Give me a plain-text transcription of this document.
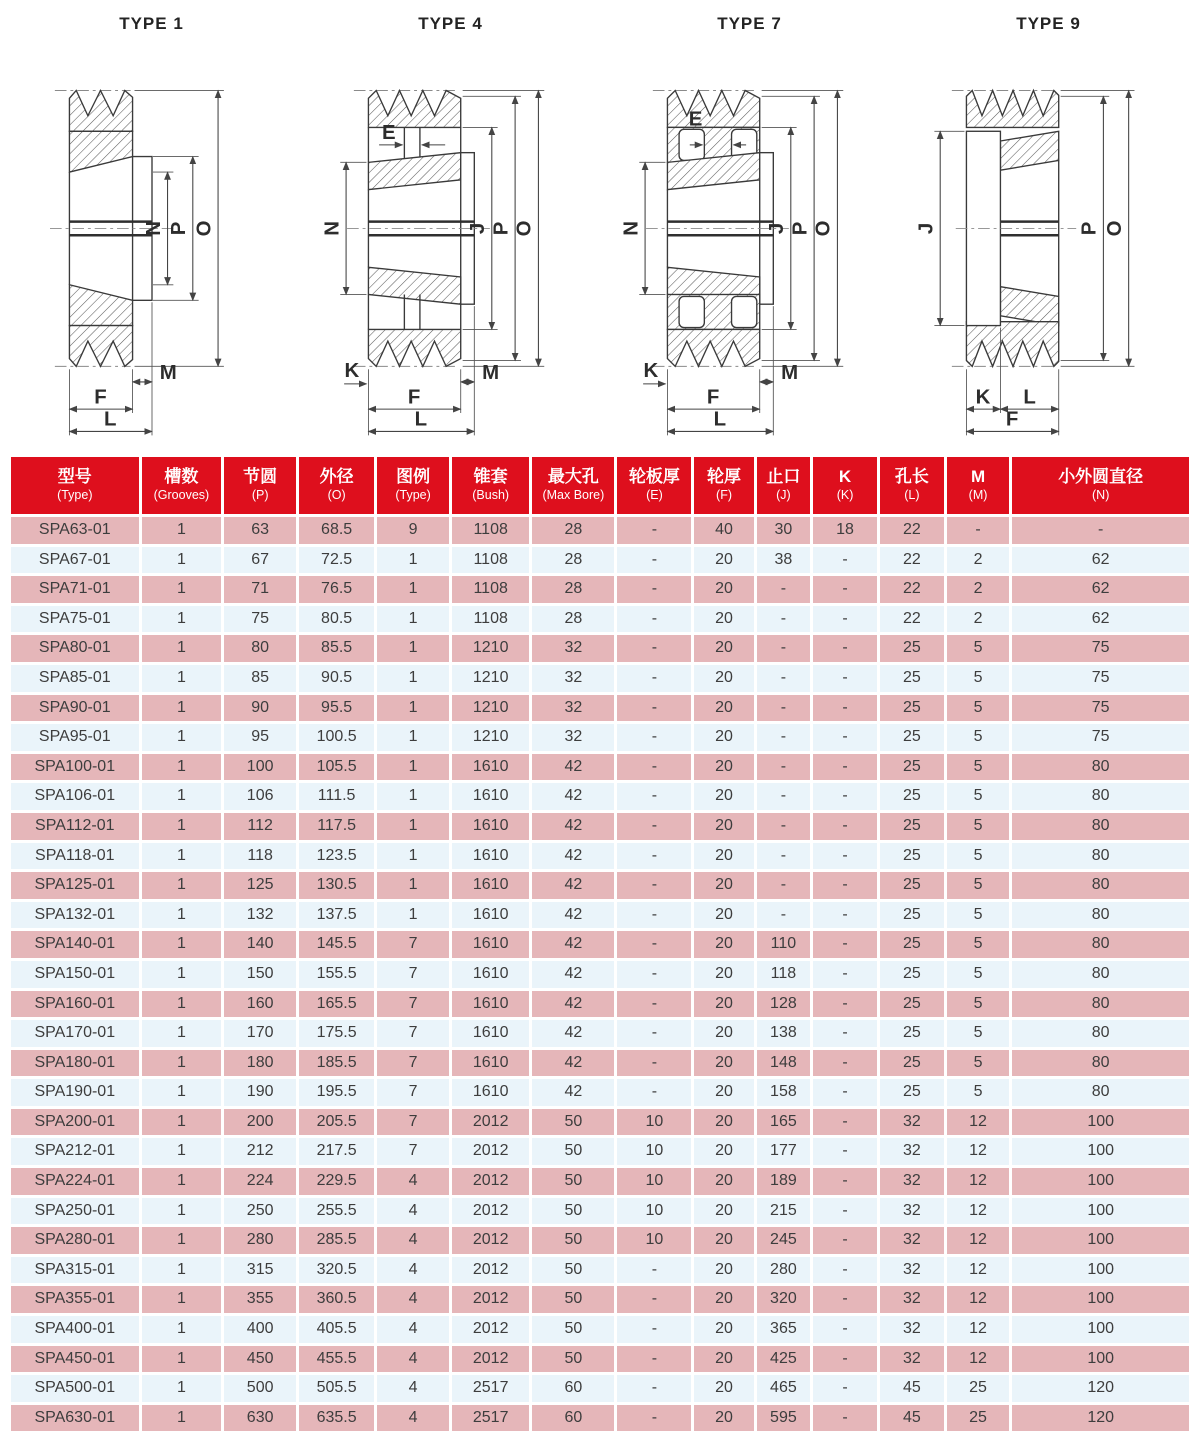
TYPE 1
N P O
M
F
L
TYPE 4
E
N	J P O
K	M
F
L
TYPE 7
E
N	J P O
K	M
F
L
TYPE 9
J	P O
K L
F
型号
(Type)

槽数
(Grooves)

节圆
(P)

外径
(O)

图例
(Type)

锥套
(Bush)

最大孔
(Max Bore)

轮板厚
(E)

轮厚
(F)

止口
(J)

K
(K)

孔长
(L)

M
(M)

小外圆直径
(N)

SPA63-01	1	63	68.5	9	1108	28	-	40	30	18	22	-	-
SPA67-01	1	67	72.5	1	1108	28	-	20	38	-	22	2	62
SPA71-01	1	71	76.5	1	1108	28	-	20	-	-	22	2	62
SPA75-01	1	75	80.5	1	1108	28	-	20	-	-	22	2	62
SPA80-01	1	80	85.5	1	1210	32	-	20	-	-	25	5	75
SPA85-01	1	85	90.5	1	1210	32	-	20	-	-	25	5	75
SPA90-01	1	90	95.5	1	1210	32	-	20	-	-	25	5	75
SPA95-01	1	95	100.5	1	1210	32	-	20	-	-	25	5	75
SPA100-01	1	100	105.5	1	1610	42	-	20	-	-	25	5	80
SPA106-01	1	106	111.5	1	1610	42	-	20	-	-	25	5	80
SPA112-01	1	112	117.5	1	1610	42	-	20	-	-	25	5	80
SPA118-01	1	118	123.5	1	1610	42	-	20	-	-	25	5	80
SPA125-01	1	125	130.5	1	1610	42	-	20	-	-	25	5	80
SPA132-01	1	132	137.5	1	1610	42	-	20	-	-	25	5	80
SPA140-01	1	140	145.5	7	1610	42	-	20	110	-	25	5	80
SPA150-01	1	150	155.5	7	1610	42	-	20	118	-	25	5	80
SPA160-01	1	160	165.5	7	1610	42	-	20	128	-	25	5	80
SPA170-01	1	170	175.5	7	1610	42	-	20	138	-	25	5	80
SPA180-01	1	180	185.5	7	1610	42	-	20	148	-	25	5	80
SPA190-01	1	190	195.5	7	1610	42	-	20	158	-	25	5	80
SPA200-01	1	200	205.5	7	2012	50	10	20	165	-	32	12	100
SPA212-01	1	212	217.5	7	2012	50	10	20	177	-	32	12	100
SPA224-01	1	224	229.5	4	2012	50	10	20	189	-	32	12	100
SPA250-01	1	250	255.5	4	2012	50	10	20	215	-	32	12	100
SPA280-01	1	280	285.5	4	2012	50	10	20	245	-	32	12	100
SPA315-01	1	315	320.5	4	2012	50	-	20	280	-	32	12	100
SPA355-01	1	355	360.5	4	2012	50	-	20	320	-	32	12	100
SPA400-01	1	400	405.5	4	2012	50	-	20	365	-	32	12	100
SPA450-01	1	450	455.5	4	2012	50	-	20	425	-	32	12	100
SPA500-01	1	500	505.5	4	2517	60	-	20	465	-	45	25	120
SPA630-01	1	630	635.5	4	2517	60	-	20	595	-	45	25	120
